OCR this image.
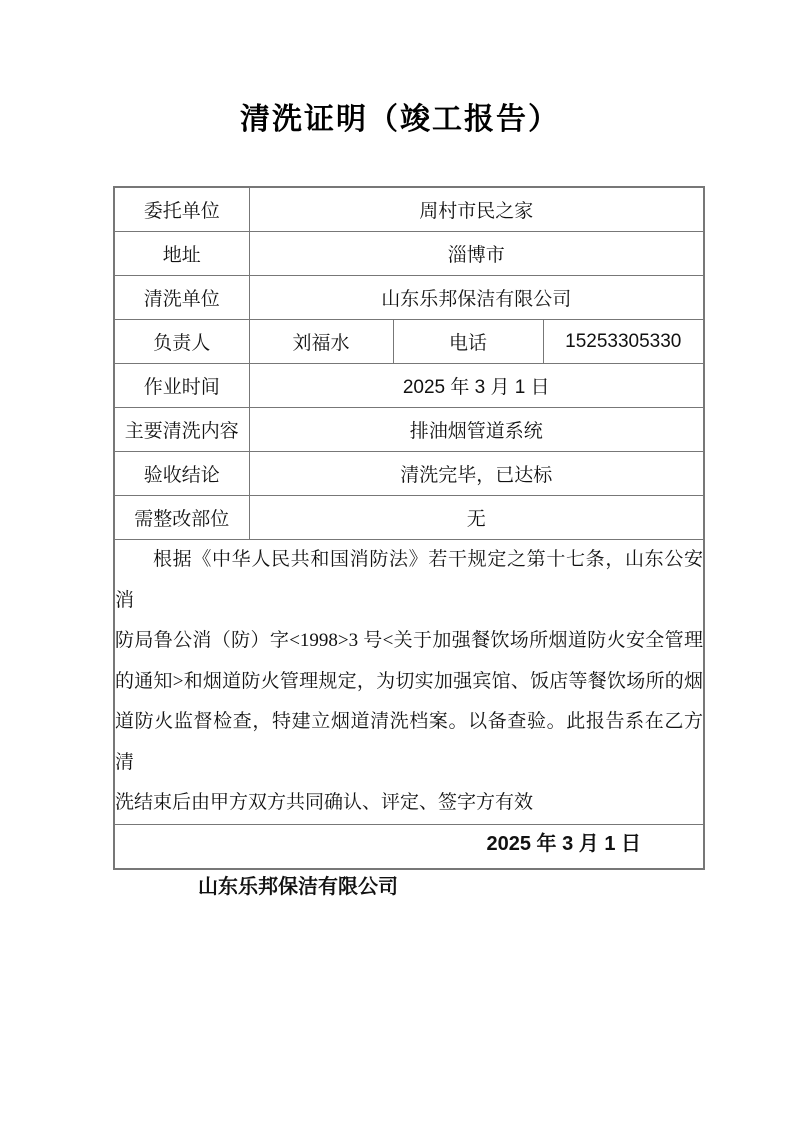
清洗证明（竣工报告）
委托单位	周村市民之家		
地址	淄博市		
清洗单位	山东乐邦保洁有限公司		
负责人	刘福水	电话	15253305330
作业时间	2025 年 3 月 1 日		
主要清洗内容	排油烟管道系统		
验收结论	清洗完毕，已达标		
需整改部位	无		

根据《中华人民共和国消防法》若干规定之第十七条，山东公安消
防局鲁公消（防）字<1998>3 号<关于加强餐饮场所烟道防火安全管理
的通知>和烟道防火管理规定，为切实加强宾馆、饭店等餐饮场所的烟
道防火监督检查，特建立烟道清洗档案。以备查验。此报告系在乙方清
洗结束后由甲方双方共同确认、评定、签字方有效			

山东乐邦保洁有限公司
2025 年 3 月 1 日			
